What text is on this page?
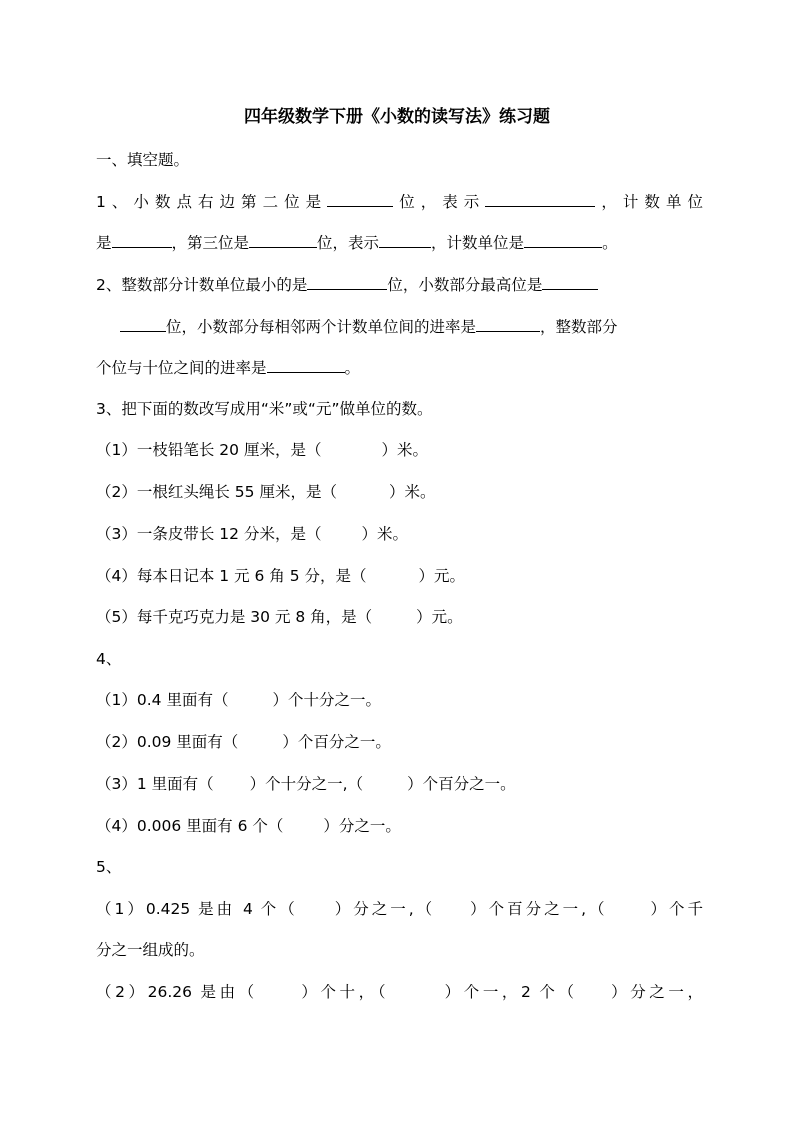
四年级数学下册《小数的读写法》练习题
一、填空题。
1、小数点右边第二位是	位，表示	，计数单位
是	，第三位是	位，表示	，计数单位是	。
2、整数部分计数单位最小的是	位，小数部分最高位是
位，小数部分每相邻两个计数单位间的进率是	，整数部分
个位与十位之间的进率是	。
3、把下面的数改写成用“米”或“元”做单位的数。
（1）一枝铅笔长 20 厘米，是（	）米。
（2）一根红头绳长 55 厘米，是（	）米。
（3）一条皮带长 12 分米，是（	）米。
（4）每本日记本 1 元 6 角 5 分，是（	）元。
（5）每千克巧克力是 30 元 8 角，是（	）元。
4、
（1）0.4 里面有（	）个十分之一。
（2）0.09 里面有（	）个百分之一。
（3）1 里面有（ ）个十分之一,（	）个百分之一。
（4）0.006 里面有 6 个（	）分之一。
5、
（1）0.425 是由 4 个（ ）分之一,（ ）个百分之一,（	）个千
分之一组成的。
（2）26.26 是由（	）个十，（	）个一，2 个（ ）分之一，
